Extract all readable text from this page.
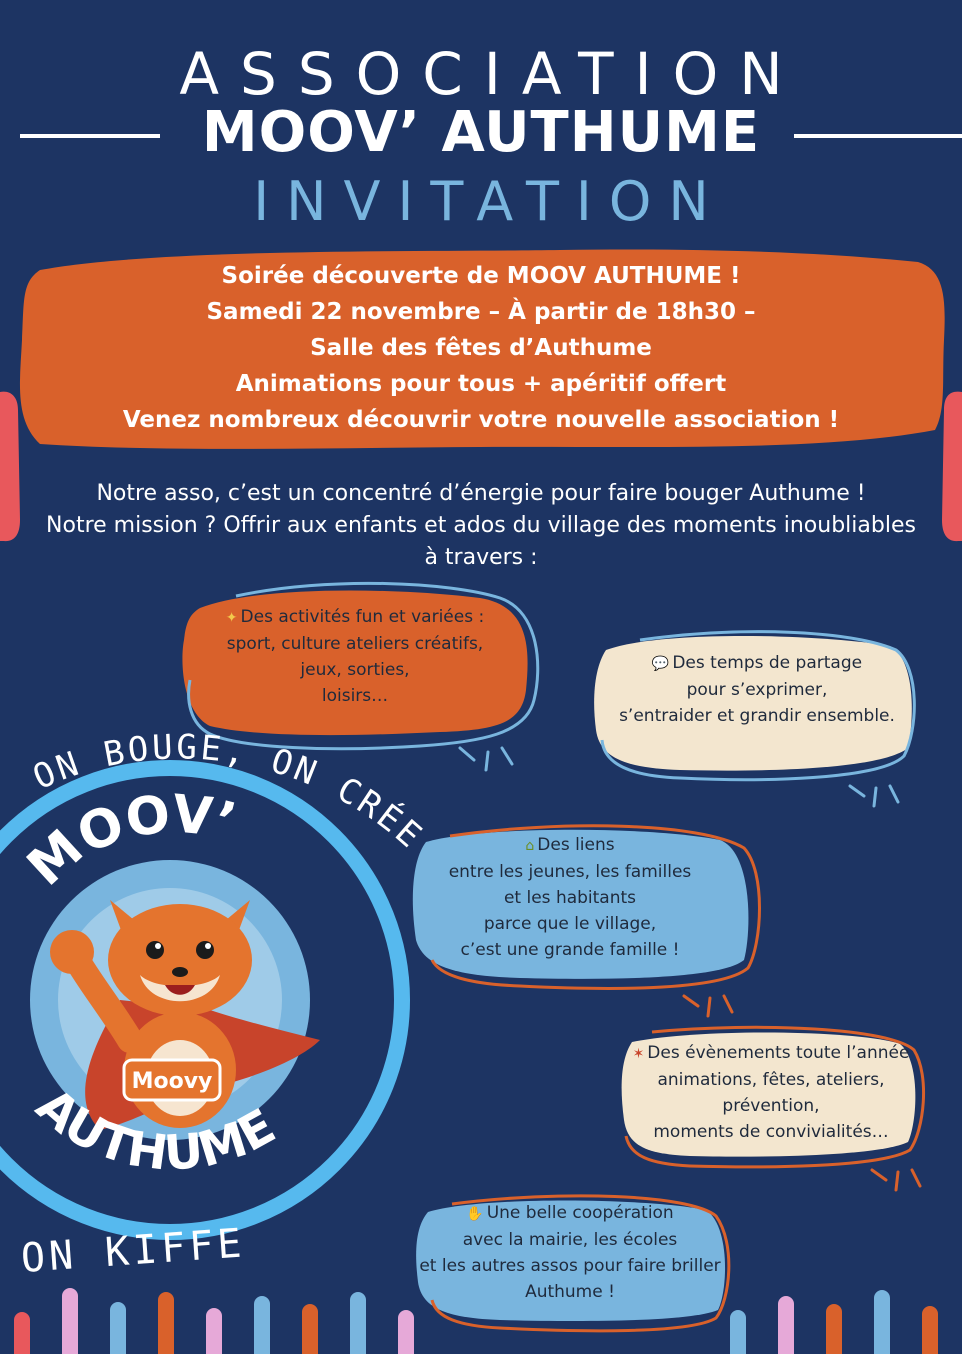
ASSOCIATION
MOOV’ AUTHUME
INVITATION
Soirée découverte de MOOV AUTHUME !
Samedi 22 novembre – À partir de 18h30 –
Salle des fêtes d’Authume
Animations pour tous + apéritif offert
Venez nombreux découvrir votre nouvelle association !
Notre asso, c’est un concentré d’énergie pour faire bouger Authume !
Notre mission ? Offrir aux enfants et ados du village des moments inoubliables
à travers :
✦ Des activités fun et variées :
sport, culture ateliers créatifs,
jeux, sorties,
loisirs…
💬 Des temps de partage
pour s’exprimer,
s’entraider et grandir ensemble.
⌂ Des liens
entre les jeunes, les familles
et les habitants
parce que le village,
c’est une grande famille !
✶ Des évènements toute l’année
animations, fêtes, ateliers,
prévention,
moments de convivialités…
✋ Une belle coopération
avec la mairie, les écoles
et les autres assos pour faire briller
Authume !
ON BOUGE, ON CRÉE
MOOV’
AUTHUME
Moovy
ON KIFFE
